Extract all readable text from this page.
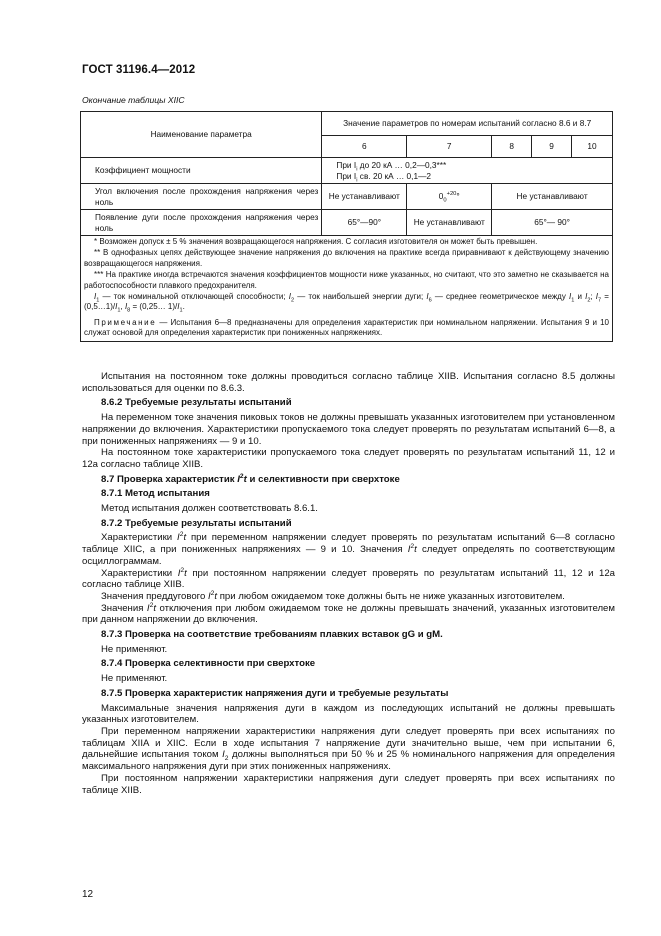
ГОСТ 31196.4—2012
Окончание таблицы XIIC
Наименование параметра	Значение параметров по номерам испытаний согласно 8.6 и 8.7				
	6	7	8	9	10
Коэффициент мощности	При $I_i$ до 20 кА … 0,2—0,3***
При $I_i$ св. 20 кА … 0,1—2				
Угол включения после прохождения напряжения через ноль	Не устанавливают	$0_0^{+20}^\circ$	Не устанавливают		
Появление дуги после прохождения напряжения через ноль	65°—90°	Не устанавливают	65°— 90°		

* Возможен допуск ± 5 % значения возвращающегося напряжения. С согласия изготовителя он может быть превышен.

** В однофазных цепях действующее значение напряжения до включения на практике всегда приравнивают к действующему значению возвращающегося напряжения.

*** На практике иногда встречаются значения коэффициентов мощности ниже указанных, но считают, что это заметно не сказывается на работоспособности плавкого предохранителя.

$I_1$ — ток номинальной отключающей способности; $I_2$ — ток наибольшей энергии дуги; $I_6$ — среднее геометрическое между $I_1$ и $I_2$; $I_7$ = $(0,5\dots 1)/I_1$, $I_8$ = (0,25… $1)/I_1$.

Примечание — Испытания 6—8 предназначены для определения характеристик при номинальном напряжении. Испытания 9 и 10 служат основой для определения характеристик при пониженных напряжениях.					

Испытания на постоянном токе должны проводиться согласно таблице XIIB. Испытания согласно 8.5 должны использоваться для оценки по 8.6.3.

8.6.2 Требуемые результаты испытаний

На переменном токе значения пиковых токов не должны превышать указанных изготовителем при установленном напряжении до включения. Характеристики пропускаемого тока следует проверять по результатам испытаний 6—8, а при пониженных напряжениях — 9 и 10.

На постоянном токе характеристики пропускаемого тока следует проверять по результатам испытаний 11, 12 и 12а согласно таблице XIIB.

8.7 Проверка характеристик $I^2t$ и селективности при сверхтоке
8.7.1 Метод испытания

Метод испытания должен соответствовать 8.6.1.

8.7.2 Требуемые результаты испытаний

Характеристики $I^2t$ при переменном напряжении следует проверять по результатам испытаний 6—8 согласно таблице XIIC, а при пониженных напряжениях — 9 и 10. Значения $I^2t$ следует определять по соответствующим осциллограммам.

Характеристики $I^2t$ при постоянном напряжении следует проверять по результатам испытаний 11, 12 и 12а согласно таблице XIIB.

Значения преддугового $I^2t$ при любом ожидаемом токе должны быть не ниже указанных изготовителем.

Значения $I^2t$ отключения при любом ожидаемом токе не должны превышать значений, указанных изготовителем при данном напряжении до включения.

8.7.3 Проверка на соответствие требованиям плавких вставок gG и gM.

Не применяют.

8.7.4 Проверка селективности при сверхтоке

Не применяют.

8.7.5 Проверка характеристик напряжения дуги и требуемые результаты

Максимальные значения напряжения дуги в каждом из последующих испытаний не должны превышать указанных изготовителем.

При переменном напряжении характеристики напряжения дуги следует проверять при всех испытаниях по таблицам XIIA и XIIC. Если в ходе испытания 7 напряжение дуги значительно выше, чем при испытании 6, дальнейшие испытания током $I_2$ должны выполняться при 50 % и 25 % номинального напряжения для определения максимального напряжения дуги при этих пониженных напряжениях.

При постоянном напряжении характеристики напряжения дуги следует проверять при всех испытаниях по таблице XIIB.

12
